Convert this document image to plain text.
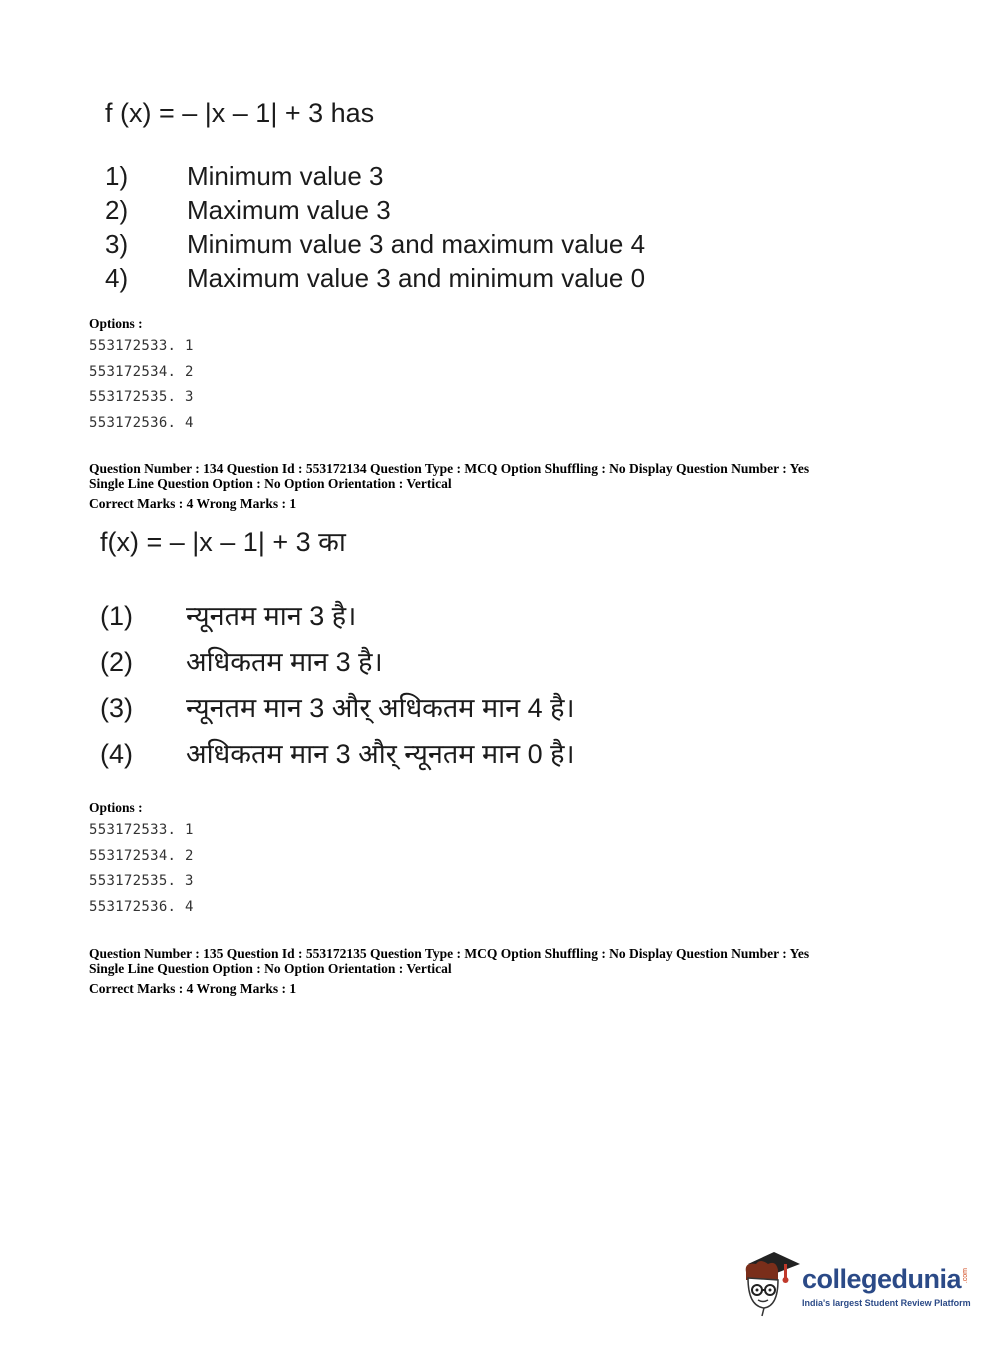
f (x) = – |x – 1| + 3 has
1) Minimum value 3
2) Maximum value 3
3) Minimum value 3 and maximum value 4
4) Maximum value 3 and minimum value 0
Options :
553172533. 1
553172534. 2
553172535. 3
553172536. 4
Question Number : 134 Question Id : 553172134 Question Type : MCQ Option Shuffling : No Display Question Number : Yes
Single Line Question Option : No Option Orientation : Vertical
Correct Marks : 4 Wrong Marks : 1
f(x) = – |x – 1| + 3 का
(1) न्यूनतम मान 3 है।
(2) अधिकतम मान 3 है।
(3) न्यूनतम मान 3 और् अधिकतम मान 4 है।
(4) अधिकतम मान 3 और् न्यूनतम मान 0 है।
Options :
553172533. 1
553172534. 2
553172535. 3
553172536. 4
Question Number : 135 Question Id : 553172135 Question Type : MCQ Option Shuffling : No Display Question Number : Yes
Single Line Question Option : No Option Orientation : Vertical
Correct Marks : 4 Wrong Marks : 1
collegedunia .com
India's largest Student Review Platform
